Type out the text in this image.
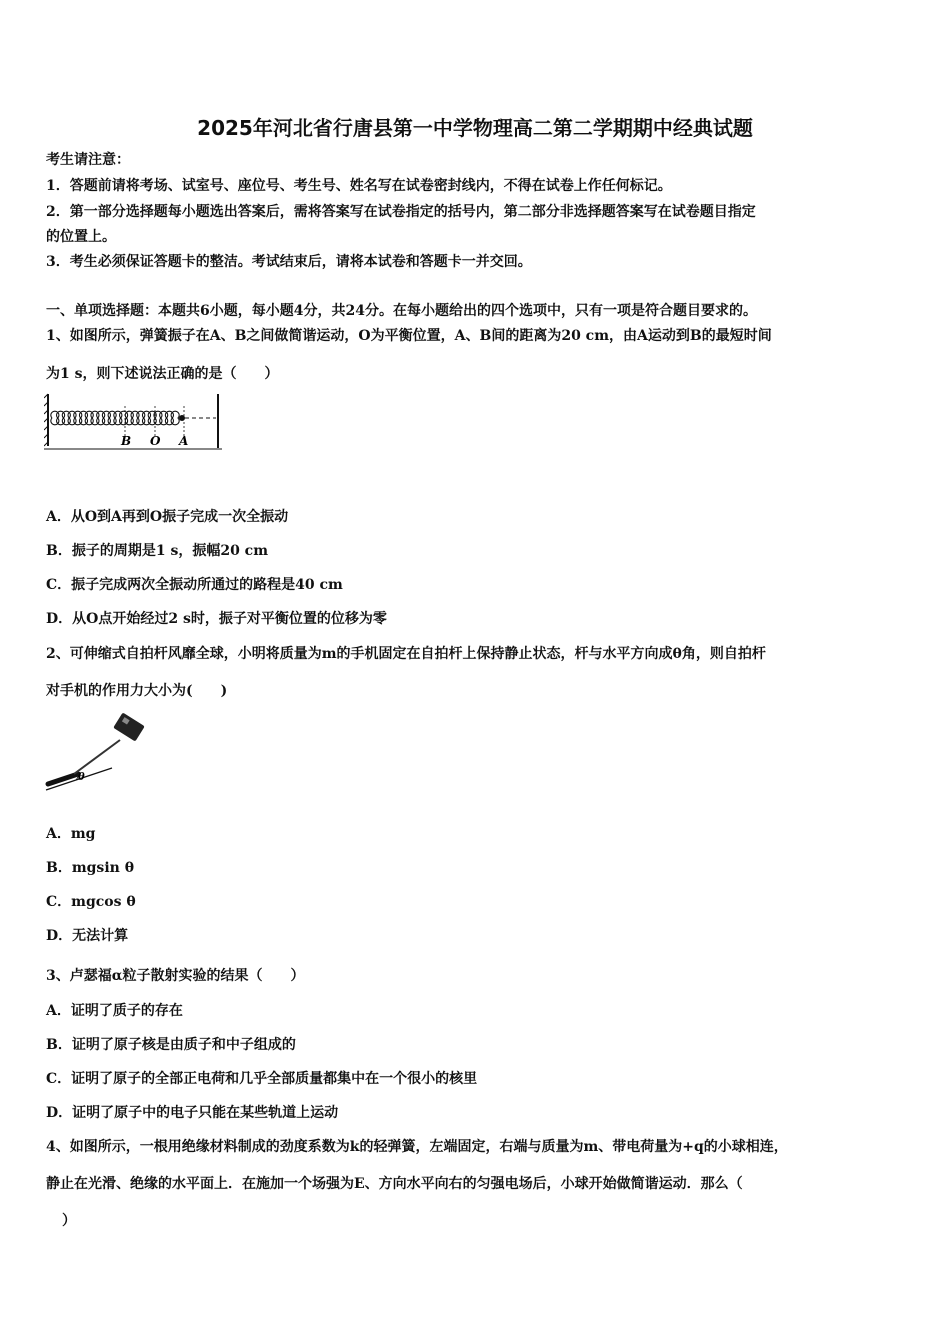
2025年河北省行唐县第一中学物理高二第二学期期中经典试题
考生请注意：
1．答题前请将考场、试室号、座位号、考生号、姓名写在试卷密封线内，不得在试卷上作任何标记。
2．第一部分选择题每小题选出答案后，需将答案写在试卷指定的括号内，第二部分非选择题答案写在试卷题目指定
的位置上。
3．考生必须保证答题卡的整洁。考试结束后，请将本试卷和答题卡一并交回。
一、单项选择题：本题共6小题，每小题4分，共24分。在每小题给出的四个选项中，只有一项是符合题目要求的。
1、如图所示，弹簧振子在A、B之间做简谐运动，O为平衡位置，A、B间的距离为20 cm，由A运动到B的最短时间
为1 s，则下述说法正确的是（　　）
B O A
A．从O到A再到O振子完成一次全振动
B．振子的周期是1 s，振幅20 cm
C．振子完成两次全振动所通过的路程是40 cm
D．从O点开始经过2 s时，振子对平衡位置的位移为零
2、可伸缩式自拍杆风靡全球，小明将质量为m的手机固定在自拍杆上保持静止状态，杆与水平方向成θ角，则自拍杆
对手机的作用力大小为(　　)
θ
A．mg
B．mgsin θ
C．mgcos θ
D．无法计算
3、卢瑟福α粒子散射实验的结果（　　）
A．证明了质子的存在
B．证明了原子核是由质子和中子组成的
C．证明了原子的全部正电荷和几乎全部质量都集中在一个很小的核里
D．证明了原子中的电子只能在某些轨道上运动
4、如图所示，一根用绝缘材料制成的劲度系数为k的轻弹簧，左端固定，右端与质量为m、带电荷量为+q的小球相连，
静止在光滑、绝缘的水平面上．在施加一个场强为E、方向水平向右的匀强电场后，小球开始做简谐运动．那么（
）
